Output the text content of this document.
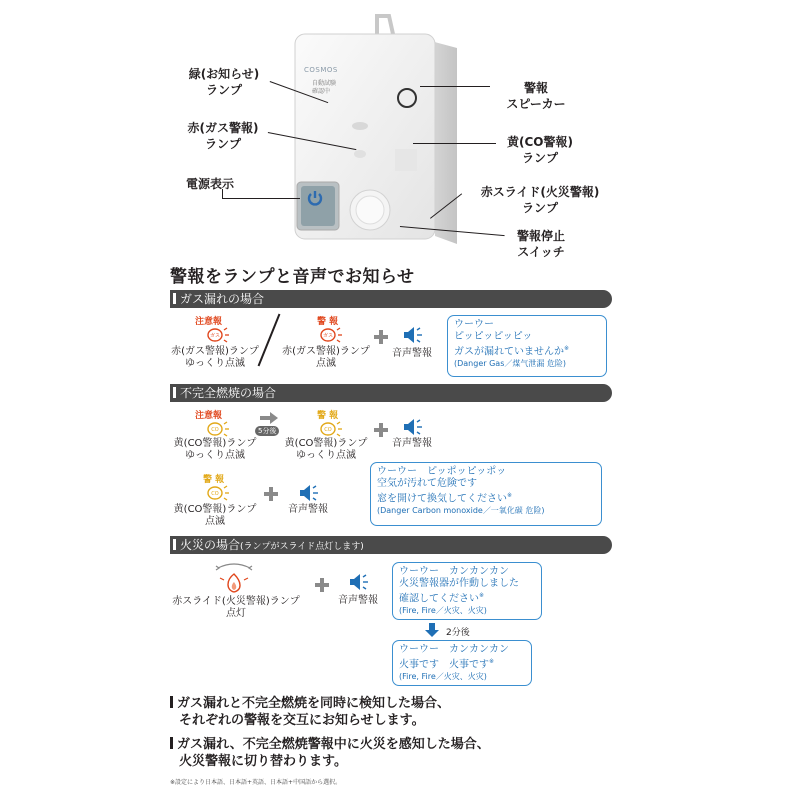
COSMOS
自動試験
確認中
緑(お知らせ)
ランプ
赤(ガス警報)
ランプ
電源表示
警報
スピーカー
黄(CO警報)
ランプ
赤スライド(火災警報)
ランプ
警報停止
スイッチ
警報をランプと音声でお知らせ
ガス漏れの場合
注意報
ガス
赤(ガス警報)ランプ
ゆっくり点滅
警 報
ガス
赤(ガス警報)ランプ
点滅
音声警報
ウーウー
ピッピッピッピッ
ガスが漏れていませんか※
(Danger Gas／煤气泄漏 危险)
不完全燃焼の場合
注意報
CO
黄(CO警報)ランプ
ゆっくり点滅
5分後
警 報
CO
黄(CO警報)ランプ
ゆっくり点滅
音声警報
警 報
CO
黄(CO警報)ランプ
点滅
音声警報
ウーウー　ピッポッピッポッ
空気が汚れて危険です
窓を開けて換気してください※
(Danger Carbon monoxide／一氧化碳 危险)
火災の場合(ランプがスライド点灯します)
赤スライド(火災警報)ランプ
点灯
音声警報
ウーウー　カンカンカン
火災警報器が作動しました
確認してください※
(Fire, Fire／火灾、火灾)
2分後
ウーウー　カンカンカン
火事です　火事です※
(Fire, Fire／火灾、火灾)
ガス漏れと不完全燃焼を同時に検知した場合、
それぞれの警報を交互にお知らせします。
ガス漏れ、不完全燃焼警報中に火災を感知した場合、
火災警報に切り替わります。
※設定により日本語、日本語+英語、日本語+中国語から選択。
